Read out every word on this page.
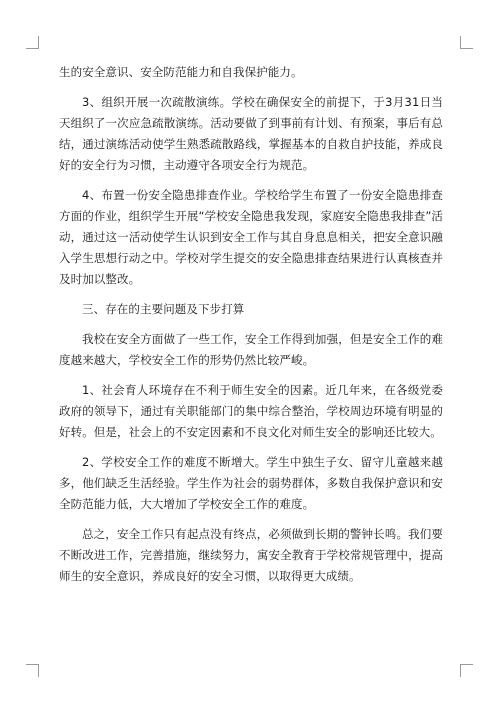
生的安全意识、安全防范能力和自我保护能力。

3、组织开展一次疏散演练。学校在确保安全的前提下，于3月31日当天组织了一次应急疏散演练。活动要做了到事前有计划、有预案，事后有总结，通过演练活动使学生熟悉疏散路线，掌握基本的自救自护技能，养成良好的安全行为习惯，主动遵守各项安全行为规范。

4、布置一份安全隐患排查作业。学校给学生布置了一份安全隐患排查方面的作业，组织学生开展“学校安全隐患我发现，家庭安全隐患我排查”活动，通过这一活动使学生认识到安全工作与其自身息息相关，把安全意识融入学生思想行动之中。学校对学生提交的安全隐患排查结果进行认真核查并及时加以整改。

三、存在的主要问题及下步打算

我校在安全方面做了一些工作，安全工作得到加强，但是安全工作的难度越来越大，学校安全工作的形势仍然比较严峻。

1、社会育人环境存在不利于师生安全的因素。近几年来，在各级党委政府的领导下，通过有关职能部门的集中综合整治，学校周边环境有明显的好转。但是，社会上的不安定因素和不良文化对师生安全的影响还比较大。

2、学校安全工作的难度不断增大。学生中独生子女、留守儿童越来越多，他们缺乏生活经验。学生作为社会的弱势群体，多数自我保护意识和安全防范能力低，大大增加了学校安全工作的难度。

总之，安全工作只有起点没有终点，必须做到长期的警钟长鸣。我们要不断改进工作，完善措施，继续努力，寓安全教育于学校常规管理中，提高师生的安全意识，养成良好的安全习惯，以取得更大成绩。
